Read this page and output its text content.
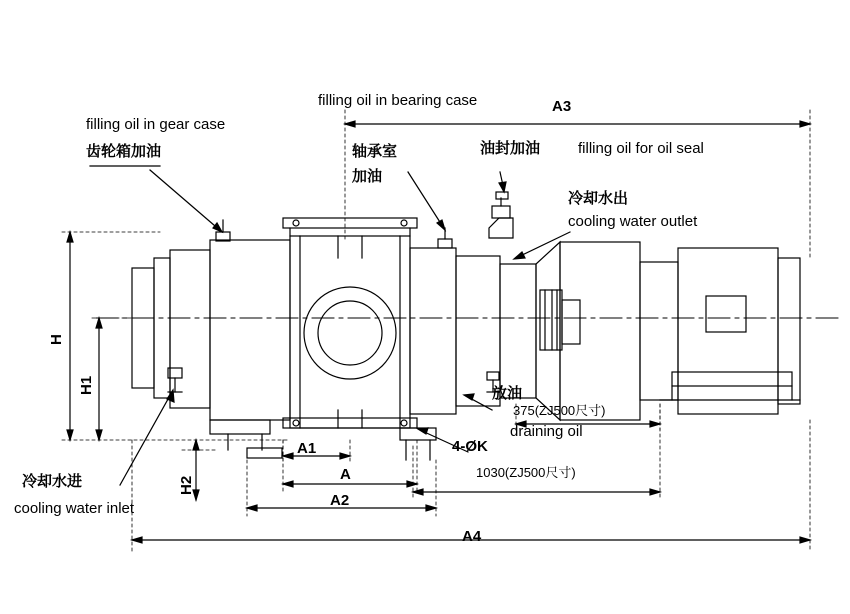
filling oil in bearing case	A3
filling oil in gear case
齿轮箱加油	轴承室
加油
油封加油	filling oil for oil seal
冷却水出
cooling water outlet
冷却水进
cooling water inlet
放油
draining oil
375(ZJ500尺寸)
1030(ZJ500尺寸)
4-ØK
A1
A
A2
A4
H
H1
H2
